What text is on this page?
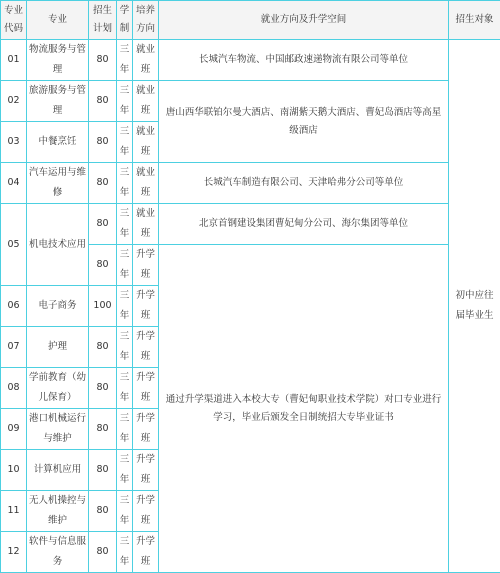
专业代码	专业	招生计划	学制	培养方向	就业方向及升学空间	招生对象
01	物流服务与管理	80	三年	就业班	长城汽车物流、中国邮政速递物流有限公司等单位	初中应往届毕业生
02	旅游服务与管理	80	三年	就业班	唐山西华联铂尔曼大酒店、南湖紫天鹅大酒店、曹妃岛酒店等高星级酒店	
03	中餐烹饪	80	三年	就业班		
04	汽车运用与维修	80	三年	就业班	长城汽车制造有限公司、天津哈弗分公司等单位	
05	机电技术应用	80	三年	就业班	北京首钢建设集团曹妃甸分公司、海尔集团等单位	
		80	三年	升学班	通过升学渠道进入本校大专（曹妃甸职业技术学院）对口专业进行学习，毕业后颁发全日制统招大专毕业证书	
06	电子商务	100	三年	升学班		
07	护理	80	三年	升学班		
08	学前教育（幼儿保育）	80	三年	升学班		
09	港口机械运行与维护	80	三年	升学班		
10	计算机应用	80	三年	升学班		
11	无人机操控与维护	80	三年	升学班		
12	软件与信息服务	80	三年	升学班		
